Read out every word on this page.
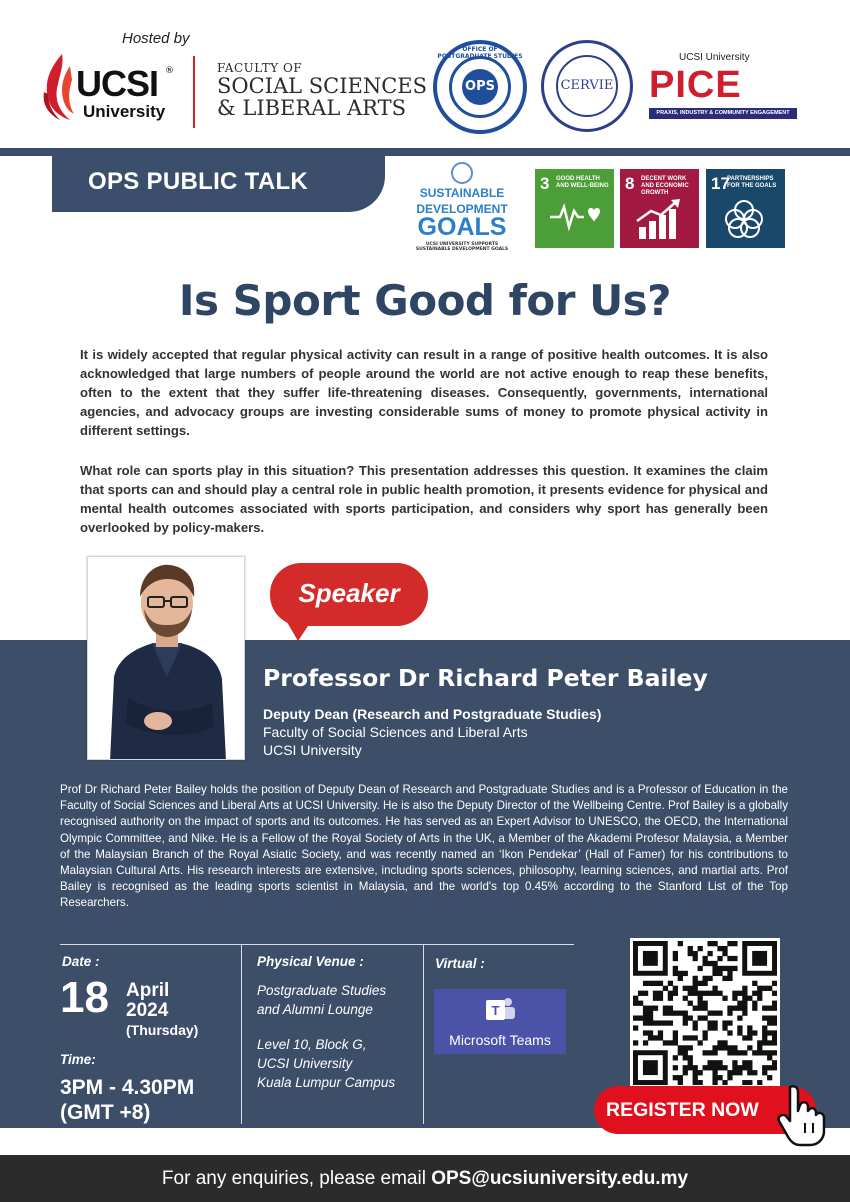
Hosted by
UCSI
University
®	FACULTY OF
SOCIAL SCIENCES
& LIBERAL ARTS
OFFICE OF POSTGRADUATE STUDIES
OPS	CERVIE
UCSI University
PICE
PRAXIS, INDUSTRY & COMMUNITY ENGAGEMENT
OPS PUBLIC TALK	SUSTAINABLE
DEVELOPMENT
GOALS
UCSI UNIVERSITY SUPPORTS SUSTAINABLE DEVELOPMENT GOALS
3 GOOD HEALTH AND WELL-BEING 8 DECENT WORK AND ECONOMIC GROWTH	17
PARTNERSHIPS FOR THE GOALS
Is Sport Good for Us?

It is widely accepted that regular physical activity can result in a range of positive health outcomes. It is also acknowledged that large numbers of people around the world are not active enough to reap these benefits, often to the extent that they suffer life-threatening diseases. Consequently, governments, international agencies, and advocacy groups are investing considerable sums of money to promote physical activity in different settings.

What role can sports play in this situation? This presentation addresses this question. It examines the claim that sports can and should play a central role in public health promotion, it presents evidence for physical and mental health outcomes associated with sports participation, and considers why sport has generally been overlooked by policy-makers.

Speaker
Professor Dr Richard Peter Bailey
Deputy Dean (Research and Postgraduate Studies)
Faculty of Social Sciences and Liberal Arts
UCSI University

Prof Dr Richard Peter Bailey holds the position of Deputy Dean of Research and Postgraduate Studies and is a Professor of Education in the Faculty of Social Sciences and Liberal Arts at UCSI University. He is also the Deputy Director of the Wellbeing Centre. Prof Bailey is a globally recognised authority on the impact of sports and its outcomes. He has served as an Expert Advisor to UNESCO, the OECD, the International Olympic Committee, and Nike. He is a Fellow of the Royal Society of Arts in the UK, a Member of the Akademi Profesor Malaysia, a Member of the Malaysian Branch of the Royal Asiatic Society, and was recently named an ‘Ikon Pendekar’ (Hall of Famer) for his contributions to Malaysian Cultural Arts. His research interests are extensive, including sports sciences, philosophy, learning sciences, and martial arts. Prof Bailey is recognised as the leading sports scientist in Malaysia, and the world's top 0.45% according to the Stanford List of the Top Researchers.

Date :
18 April
2024
(Thursday)
Time:
3PM - 4.30PM
(GMT +8)
Physical Venue :
Postgraduate Studies
and Alumni Lounge
Level 10, Block G,
UCSI University
Kuala Lumpur Campus
Virtual :
T
Microsoft Teams
REGISTER NOW
https://forms.office.com/r/TNg7wpPXHG
For any enquiries, please email OPS@ucsiuniversity.edu.my
